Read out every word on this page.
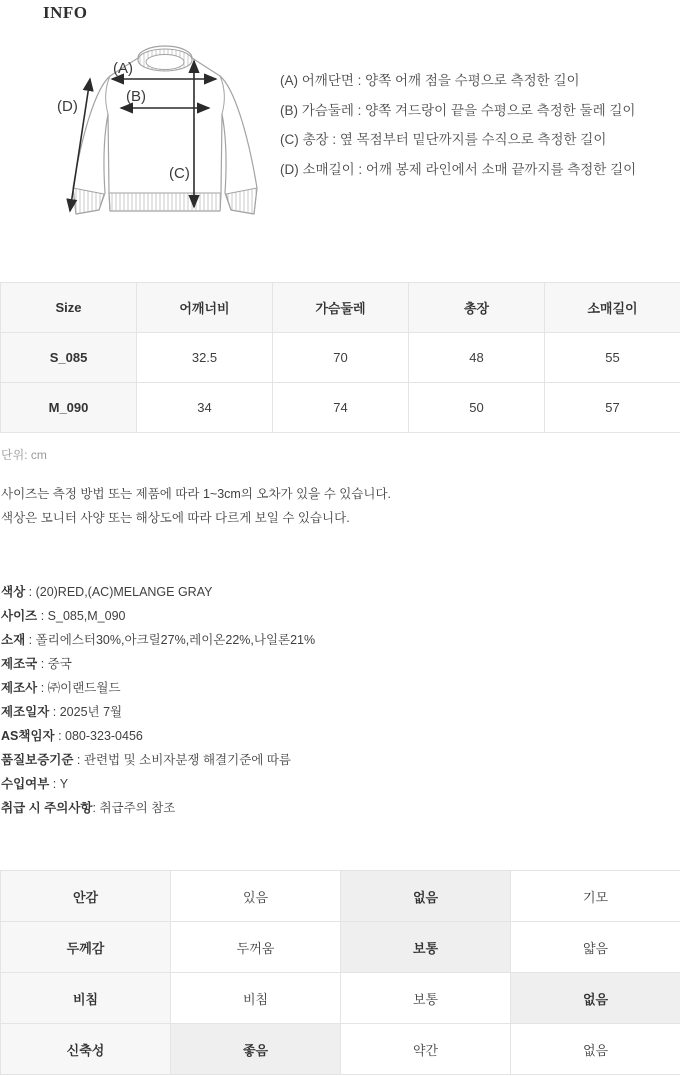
INFO
(A)
(B)
(C)
(D)
(A) 어깨단면 : 양쪽 어깨 점을 수평으로 측정한 길이
(B) 가슴둘레 : 양쪽 겨드랑이 끝을 수평으로 측정한 둘레 길이
(C) 총장 : 옆 목점부터 밑단까지를 수직으로 측정한 길이
(D) 소매길이 : 어깨 봉제 라인에서 소매 끝까지를 측정한 길이
Size	어깨너비	가슴둘레	총장	소매길이
S_085	32.5	70	48	55
M_090	34	74	50	57
단위: cm
사이즈는 측정 방법 또는 제품에 따라 1~3cm의 오차가 있을 수 있습니다.
색상은 모니터 사양 또는 해상도에 따라 다르게 보일 수 있습니다.
색상 : (20)RED,(AC)MELANGE GRAY
사이즈 : S_085,M_090
소재 : 폴리에스터30%,아크릴27%,레이온22%,나일론21%
제조국 : 중국
제조사 : ㈜이랜드월드
제조일자 : 2025년 7월
AS책임자 : 080-323-0456
품질보증기준 : 관련법 및 소비자분쟁 해결기준에 따름
수입여부 : Y
취급 시 주의사항: 취급주의 참조
안감	있음	없음	기모
두께감	두꺼움	보통	얇음
비침	비침	보통	없음
신축성	좋음	약간	없음
